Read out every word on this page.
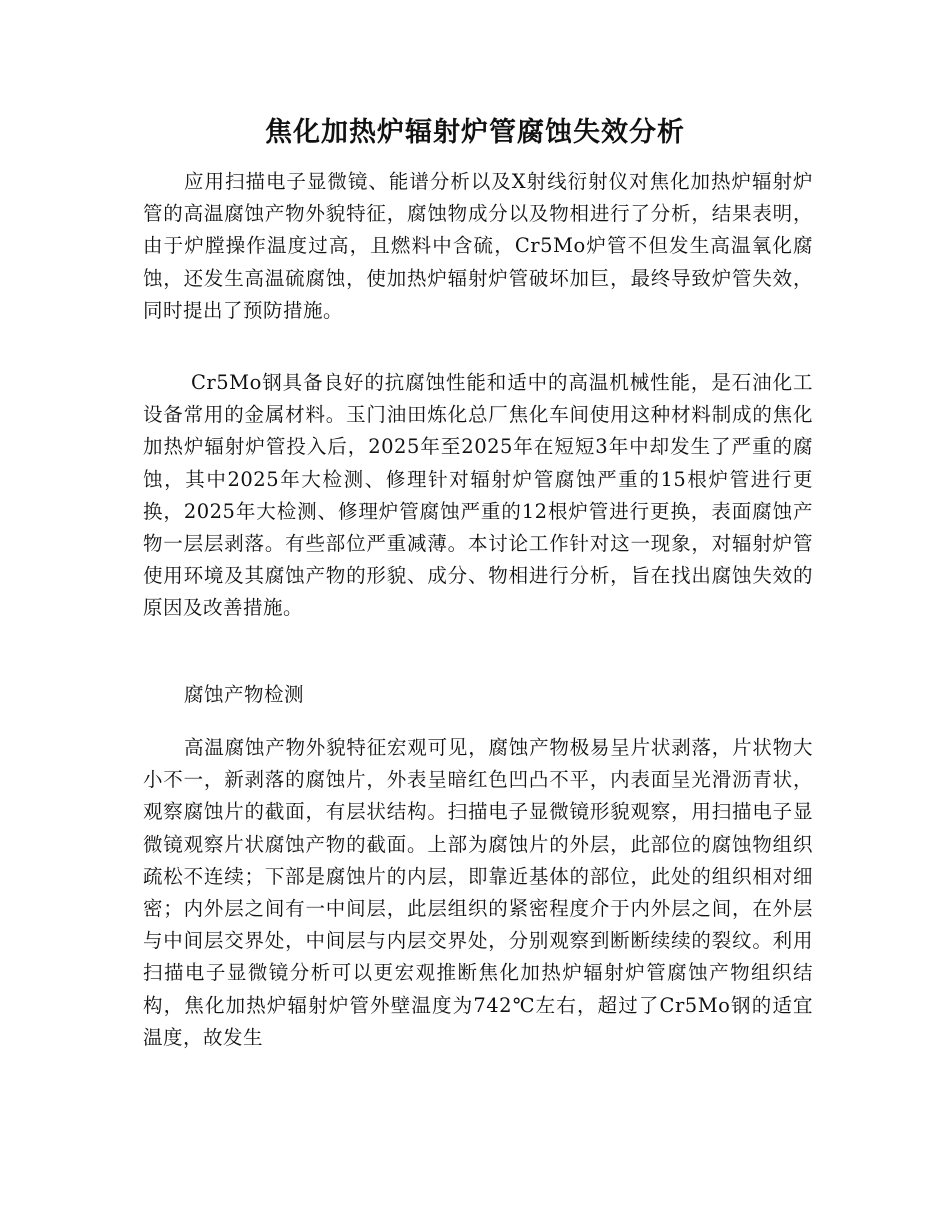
焦化加热炉辐射炉管腐蚀失效分析
应用扫描电子显微镜、能谱分析以及X射线衍射仪对焦化加热炉辐射炉管的高温腐蚀产物外貌特征，腐蚀物成分以及物相进行了分析，结果表明，由于炉膛操作温度过高，且燃料中含硫，Cr5Mo炉管不但发生高温氧化腐蚀，还发生高温硫腐蚀，使加热炉辐射炉管破坏加巨，最终导致炉管失效，同时提出了预防措施。
Cr5Mo钢具备良好的抗腐蚀性能和适中的高温机械性能，是石油化工设备常用的金属材料。玉门油田炼化总厂焦化车间使用这种材料制成的焦化加热炉辐射炉管投入后，2025年至2025年在短短3年中却发生了严重的腐蚀，其中2025年大检测、修理针对辐射炉管腐蚀严重的15根炉管进行更换，2025年大检测、修理炉管腐蚀严重的12根炉管进行更换，表面腐蚀产物一层层剥落。有些部位严重减薄。本讨论工作针对这一现象，对辐射炉管使用环境及其腐蚀产物的形貌、成分、物相进行分析，旨在找出腐蚀失效的原因及改善措施。
腐蚀产物检测
高温腐蚀产物外貌特征宏观可见，腐蚀产物极易呈片状剥落，片状物大小不一，新剥落的腐蚀片，外表呈暗红色凹凸不平，内表面呈光滑沥青状，观察腐蚀片的截面，有层状结构。扫描电子显微镜形貌观察，用扫描电子显微镜观察片状腐蚀产物的截面。上部为腐蚀片的外层，此部位的腐蚀物组织疏松不连续；下部是腐蚀片的内层，即靠近基体的部位，此处的组织相对细密；内外层之间有一中间层，此层组织的紧密程度介于内外层之间，在外层与中间层交界处，中间层与内层交界处，分别观察到断断续续的裂纹。利用扫描电子显微镜分析可以更宏观推断焦化加热炉辐射炉管腐蚀产物组织结构，焦化加热炉辐射炉管外壁温度为742℃左右，超过了Cr5Mo钢的适宜温度，故发生
